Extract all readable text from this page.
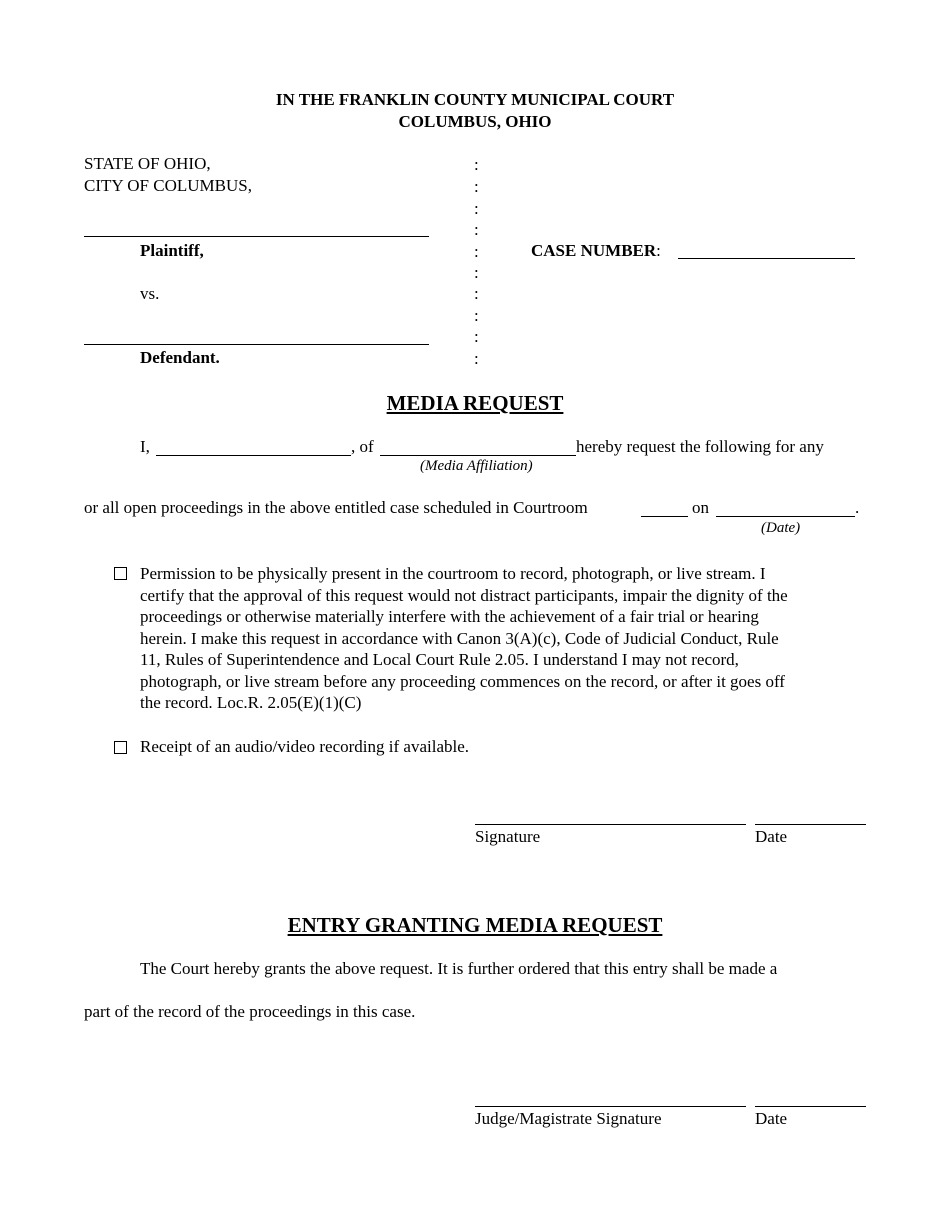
IN THE FRANKLIN COUNTY MUNICIPAL COURT
COLUMBUS, OHIO
STATE OF OHIO,
CITY OF COLUMBUS,
Plaintiff,
vs.
Defendant.
:
:
:
:
:
:
:
:
:
:
CASE NUMBER:
MEDIA REQUEST
I,	, of	hereby request the following for any
(Media Affiliation)
or all open proceedings in the above entitled case scheduled in Courtroom	on	.
(Date)
Permission to be physically present in the courtroom to record, photograph, or live stream. I
certify that the approval of this request would not distract participants, impair the dignity of the
proceedings or otherwise materially interfere with the achievement of a fair trial or hearing
herein. I make this request in accordance with Canon 3(A)(c), Code of Judicial Conduct, Rule
11, Rules of Superintendence and Local Court Rule 2.05. I understand I may not record,
photograph, or live stream before any proceeding commences on the record, or after it goes off
the record. Loc.R. 2.05(E)(1)(C)
Receipt of an audio/video recording if available.
Signature	Date
ENTRY GRANTING MEDIA REQUEST
The Court hereby grants the above request. It is further ordered that this entry shall be made a
part of the record of the proceedings in this case.
Judge/Magistrate Signature	Date
